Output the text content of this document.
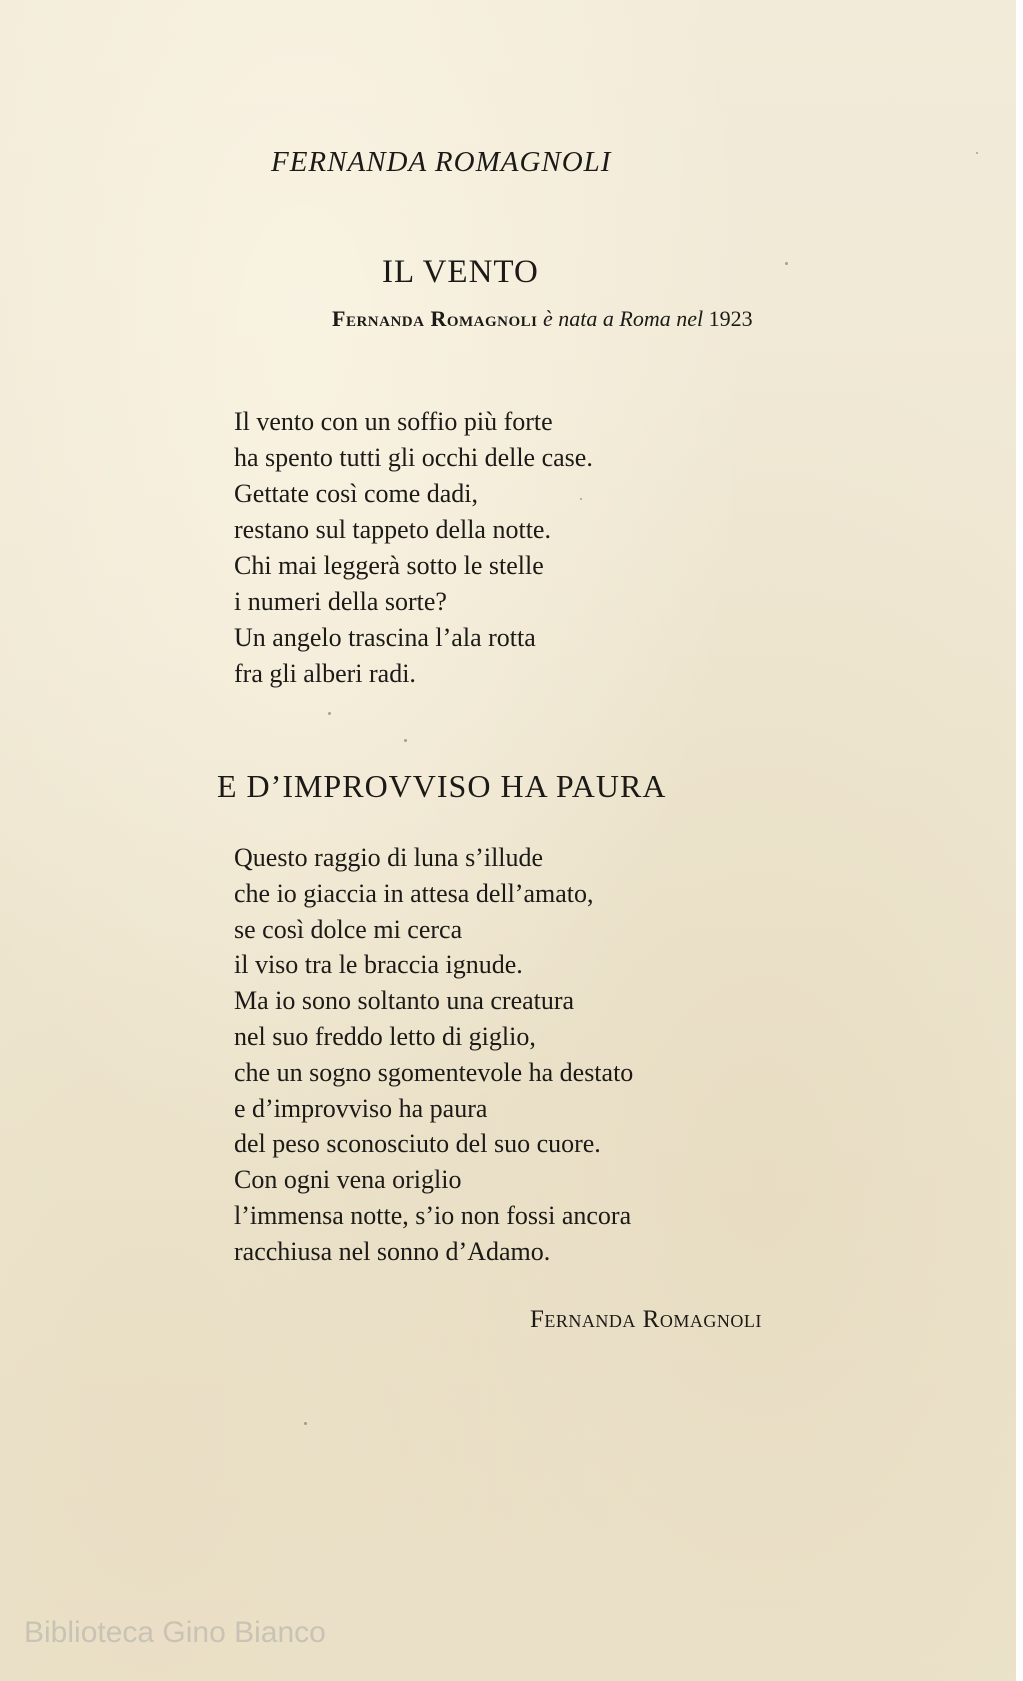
FERNANDA ROMAGNOLI
IL VENTO
Fernanda Romagnoli è nata a Roma nel 1923
Il vento con un soffio più forte
ha spento tutti gli occhi delle case.
Gettate così come dadi,
restano sul tappeto della notte.
Chi mai leggerà sotto le stelle
i numeri della sorte?
Un angelo trascina l’ala rotta
fra gli alberi radi.
E D’IMPROVVISO HA PAURA
Questo raggio di luna s’illude
che io giaccia in attesa dell’amato,
se così dolce mi cerca
il viso tra le braccia ignude.
Ma io sono soltanto una creatura
nel suo freddo letto di giglio,
che un sogno sgomentevole ha destato
e d’improvviso ha paura
del peso sconosciuto del suo cuore.
Con ogni vena origlio
l’immensa notte, s’io non fossi ancora
racchiusa nel sonno d’Adamo.
Fernanda Romagnoli
Biblioteca Gino Bianco
